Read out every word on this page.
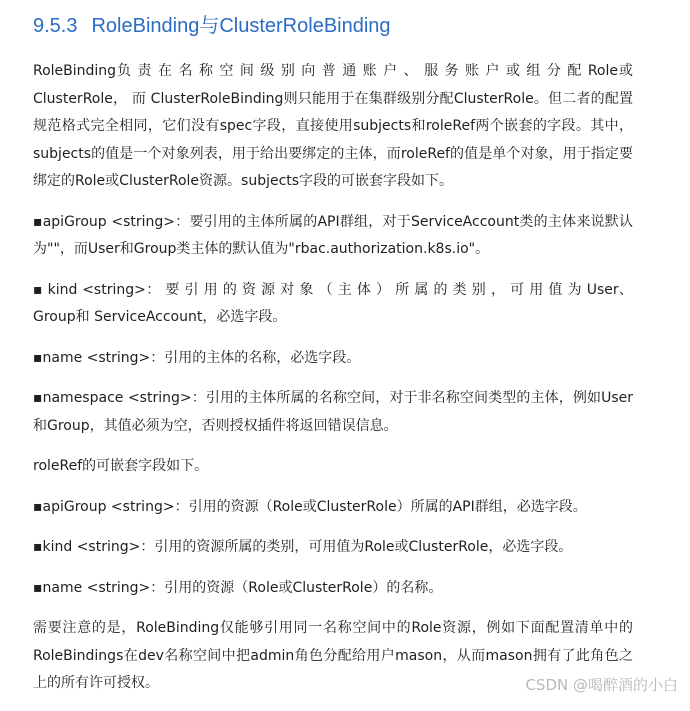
9.5.3 RoleBinding与ClusterRoleBinding

RoleBinding负 责 在 名 称 空 间 级 别 向 普 通 账 户 、 服 务 账 户 或 组 分 配 Role或 ClusterRole， 而 ClusterRoleBinding则只能用于在集群级别分配ClusterRole。但二者的配置规范格式完全相同，它们没有spec字段，直接使用subjects和roleRef两个嵌套的字段。其中，subjects的值是一个对象列表，用于给出要绑定的主体，而roleRef的值是单个对象，用于指定要绑定的Role或ClusterRole资源。subjects字段的可嵌套字段如下。

▪apiGroup <string>：要引用的主体所属的API群组，对于ServiceAccount类的主体来说默认为""，而User和Group类主体的默认值为"rbac.authorization.k8s.io"。

▪ kind <string>： 要 引 用 的 资 源 对 象 （ 主 体 ） 所 属 的 类 别 ， 可 用 值 为 User、 Group和 ServiceAccount，必选字段。

▪name <string>：引用的主体的名称，必选字段。

▪namespace <string>：引用的主体所属的名称空间，对于非名称空间类型的主体，例如User和Group，其值必须为空，否则授权插件将返回错误信息。

roleRef的可嵌套字段如下。

▪apiGroup <string>：引用的资源（Role或ClusterRole）所属的API群组，必选字段。

▪kind <string>：引用的资源所属的类别，可用值为Role或ClusterRole，必选字段。

▪name <string>：引用的资源（Role或ClusterRole）的名称。

需要注意的是，RoleBinding仅能够引用同一名称空间中的Role资源，例如下面配置清单中的RoleBindings在dev名称空间中把admin角色分配给用户mason，从而mason拥有了此角色之上的所有许可授权。	CSDN @喝醉酒的小白
